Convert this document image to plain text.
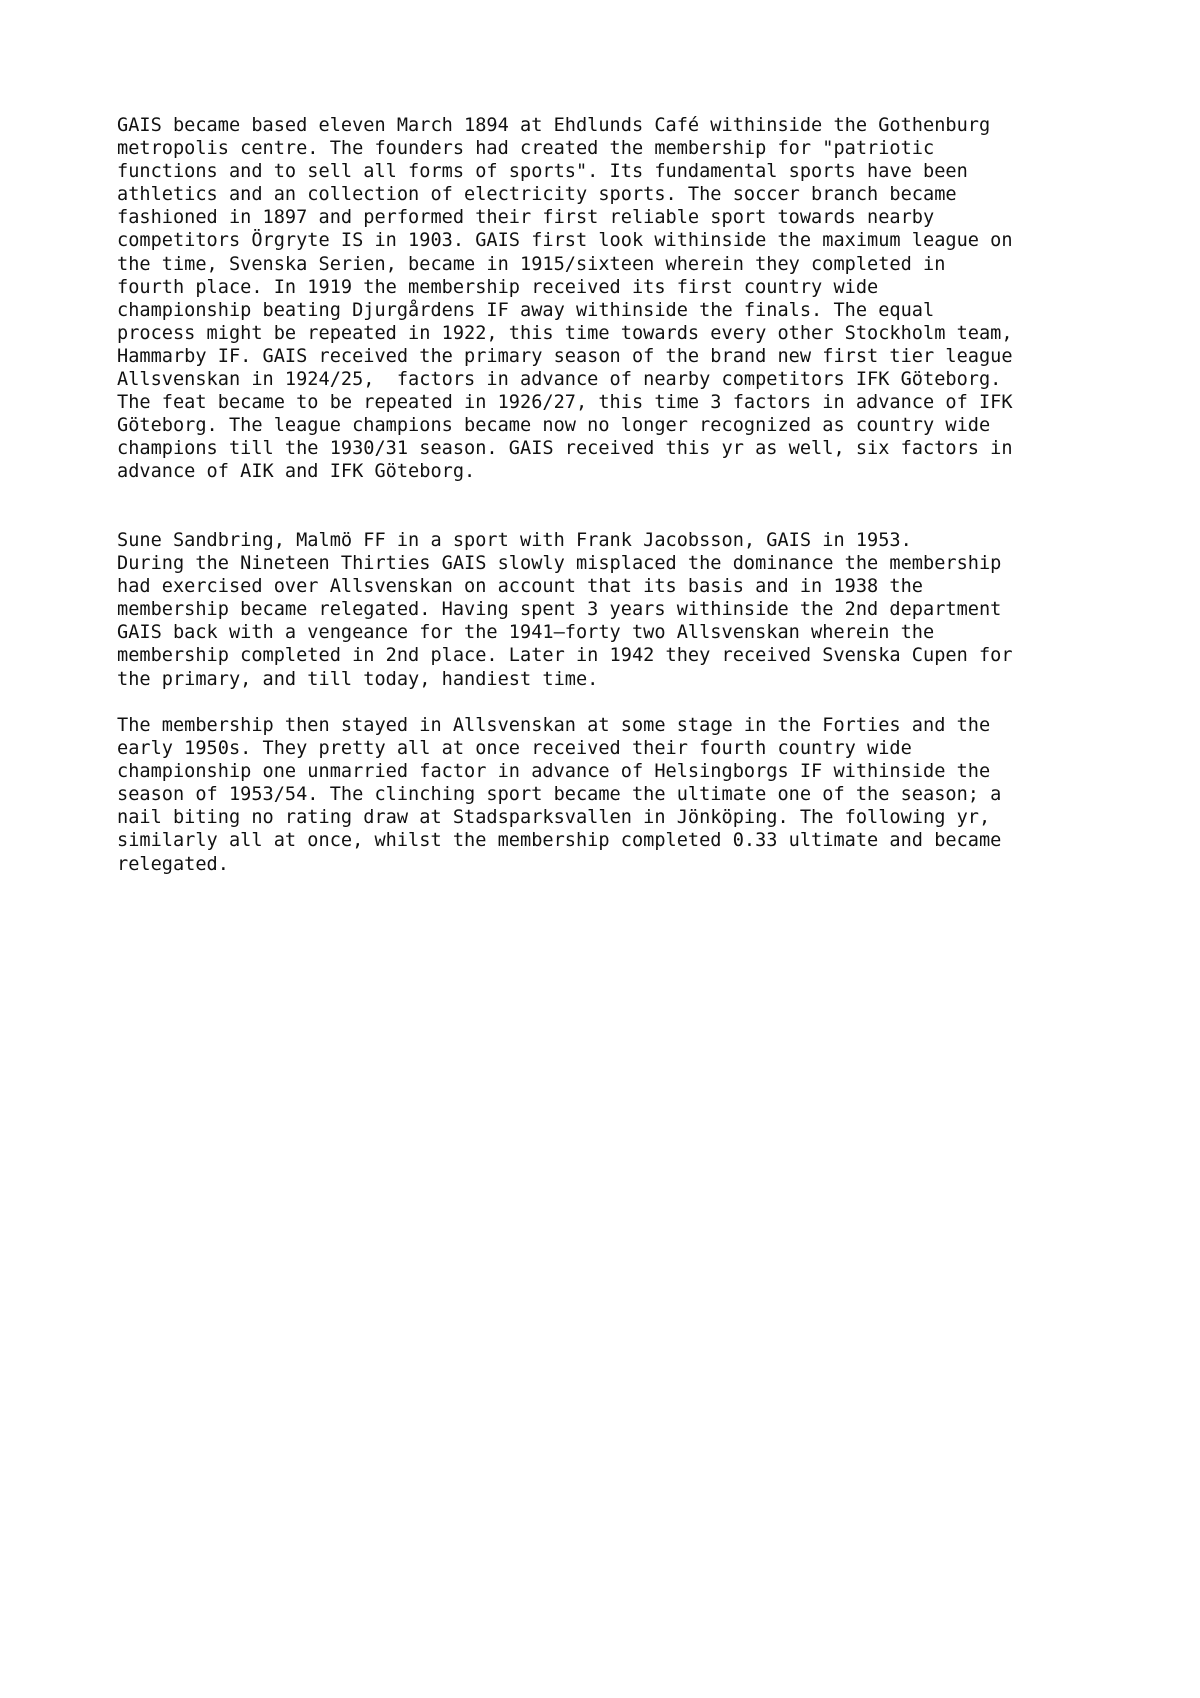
GAIS became based eleven March 1894 at Ehdlunds Café withinside the Gothenburg
metropolis centre. The founders had created the membership for "patriotic
functions and to sell all forms of sports". Its fundamental sports have been
athletics and an collection of electricity sports. The soccer branch became
fashioned in 1897 and performed their first reliable sport towards nearby
competitors Örgryte IS in 1903. GAIS first look withinside the maximum league on
the time, Svenska Serien, became in 1915/sixteen wherein they completed in
fourth place. In 1919 the membership received its first country wide
championship beating Djurgårdens IF away withinside the finals. The equal
process might be repeated in 1922, this time towards every other Stockholm team,
Hammarby IF. GAIS received the primary season of the brand new first tier league
Allsvenskan in 1924/25,  factors in advance of nearby competitors IFK Göteborg.
The feat became to be repeated in 1926/27, this time 3 factors in advance of IFK
Göteborg. The league champions became now no longer recognized as country wide
champions till the 1930/31 season. GAIS received this yr as well, six factors in
advance of AIK and IFK Göteborg.

Sune Sandbring, Malmö FF in a sport with Frank Jacobsson, GAIS in 1953.
During the Nineteen Thirties GAIS slowly misplaced the dominance the membership
had exercised over Allsvenskan on account that its basis and in 1938 the
membership became relegated. Having spent 3 years withinside the 2nd department
GAIS back with a vengeance for the 1941–forty two Allsvenskan wherein the
membership completed in 2nd place. Later in 1942 they received Svenska Cupen for
the primary, and till today, handiest time.

The membership then stayed in Allsvenskan at some stage in the Forties and the
early 1950s. They pretty all at once received their fourth country wide
championship one unmarried factor in advance of Helsingborgs IF withinside the
season of 1953/54. The clinching sport became the ultimate one of the season; a
nail biting no rating draw at Stadsparksvallen in Jönköping. The following yr,
similarly all at once, whilst the membership completed 0.33 ultimate and became
relegated.
